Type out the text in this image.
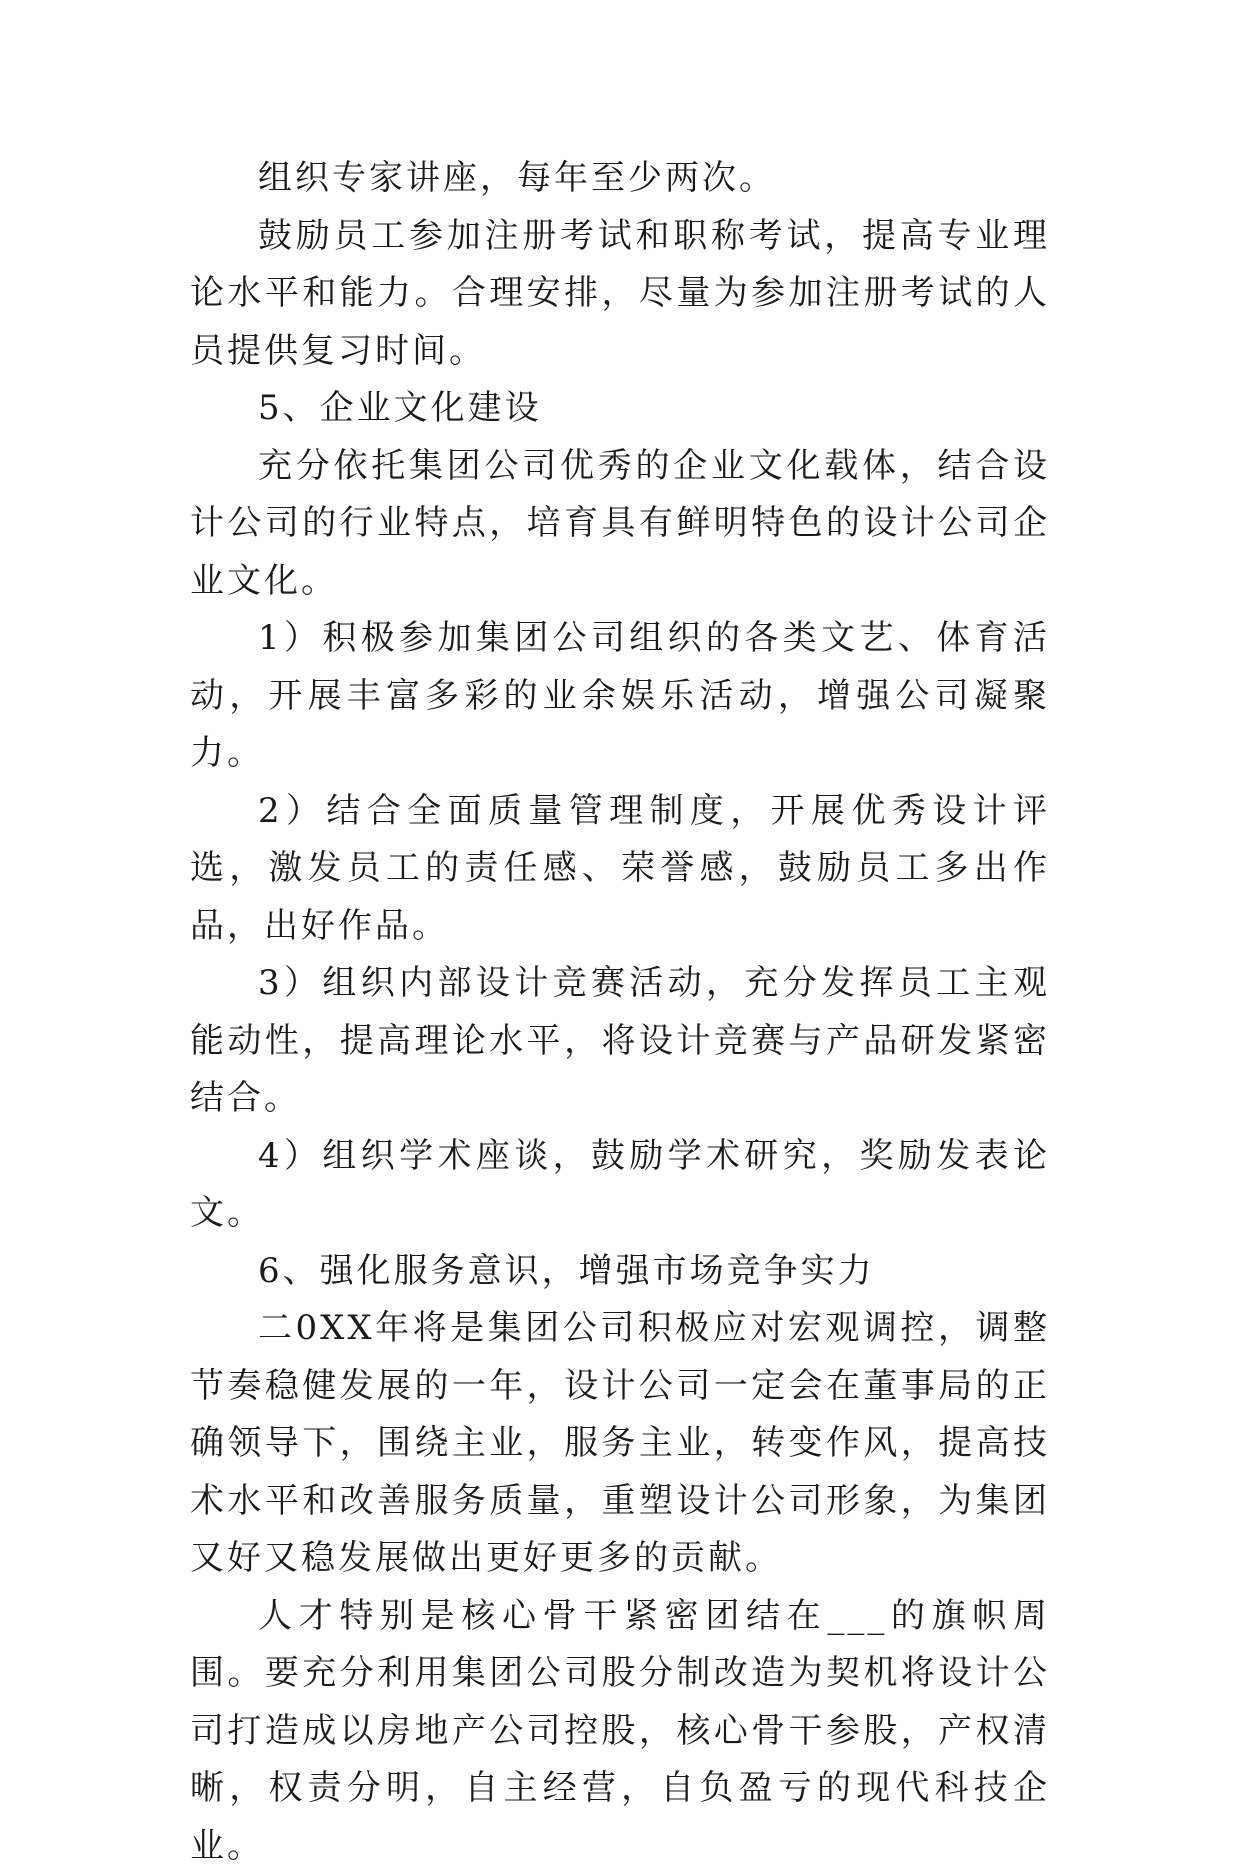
组织专家讲座，每年至少两次。

鼓励员工参加注册考试和职称考试，提高专业理论水平和能力。合理安排，尽量为参加注册考试的人员提供复习时间。

5、企业文化建设

充分依托集团公司优秀的企业文化载体，结合设计公司的行业特点，培育具有鲜明特色的设计公司企业文化。

1）积极参加集团公司组织的各类文艺、体育活动，开展丰富多彩的业余娱乐活动，增强公司凝聚力。

2）结合全面质量管理制度，开展优秀设计评选，激发员工的责任感、荣誉感，鼓励员工多出作品，出好作品。

3）组织内部设计竞赛活动，充分发挥员工主观能动性，提高理论水平，将设计竞赛与产品研发紧密结合。

4）组织学术座谈，鼓励学术研究，奖励发表论文。

6、强化服务意识，增强市场竞争实力

二0XX年将是集团公司积极应对宏观调控，调整节奏稳健发展的一年，设计公司一定会在董事局的正确领导下，围绕主业，服务主业，转变作风，提高技术水平和改善服务质量，重塑设计公司形象，为集团又好又稳发展做出更好更多的贡献。

人才特别是核心骨干紧密团结在___的旗帜周围。要充分利用集团公司股分制改造为契机将设计公司打造成以房地产公司控股，核心骨干参股，产权清晰，权责分明，自主经营，自负盈亏的现代科技企业。
